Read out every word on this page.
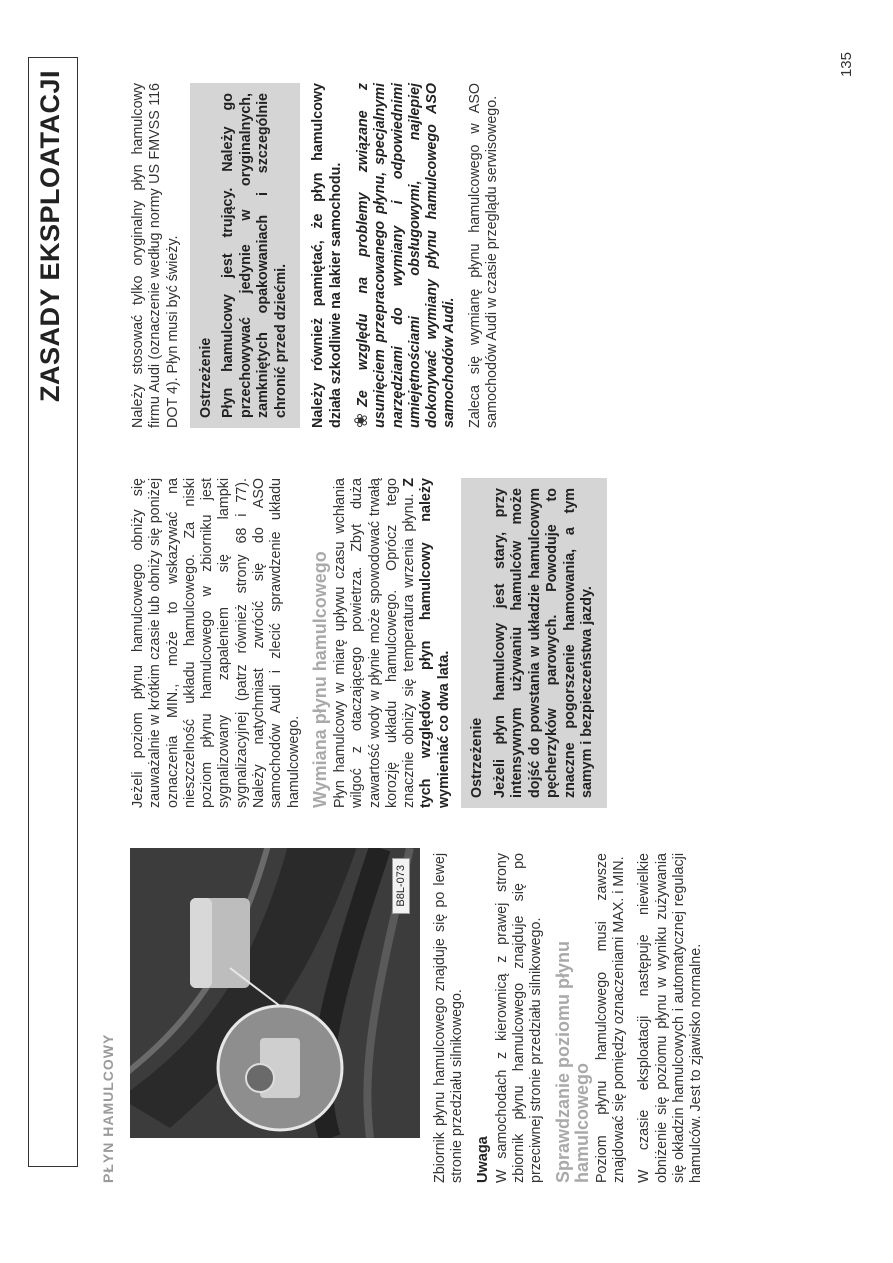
ZASADY EKSPLOATACJI
PŁYN HAMULCOWY
B8L-073 Zbiornik płynu hamulcowego znajduje się po lewej stronie przedziału silnikowego. Uwaga W samochodach z kierownicą z prawej strony zbiornik płynu hamulcowego znajduje się po przeciwnej stronie przedziału silnikowego. Sprawdzanie poziomu płynu hamulcowego Poziom płynu hamulcowego musi zawsze znajdować się pomiędzy oznaczeniami MAX. i MIN. W czasie eksploatacji następuje niewielkie obniżenie się poziomu płynu w wyniku zużywania się okładzin hamulcowych i automatycznej regulacji hamulców. Jest to zjawisko normalne.

Jeżeli poziom płynu hamulcowego obniży się zauważalnie w krótkim czasie lub obniży się poniżej oznaczenia MIN., może to wskazywać na nieszczelność układu hamulcowego. Za niski poziom płynu hamulcowego w zbiorniku jest sygnalizowany zapaleniem się lampki sygnalizacyjnej (patrz również strony 68 i 77). Należy natychmiast zwrócić się do ASO samochodów Audi i zlecić sprawdzenie układu hamulcowego. Wymiana płynu hamulcowego Płyn hamulcowy w miarę upływu czasu wchłania wilgoć z otaczającego powietrza. Zbyt duża zawartość wody w płynie może spowodować trwałą korozję układu hamulcowego. Oprócz tego znacznie obniży się temperatura wrzenia płynu. Z tych względów płyn hamulcowy należy wymieniać co dwa lata. Ostrzeżenie Jeżeli płyn hamulcowy jest stary, przy intensywnym używaniu hamulców może dojść do powstania w układzie hamulcowym pęcherzyków parowych. Powoduje to znaczne pogorszenie hamowania, a tym samym i bezpieczeństwa jazdy.

Należy stosować tylko oryginalny płyn hamulcowy firmu Audi (oznaczenie według normy US FMVSS 116 DOT 4). Płyn musi być świeży. Ostrzeżenie Płyn hamulcowy jest trujący. Należy go przechowywać jedynie w oryginalnych, zamkniętych opakowaniach i szczególnie chronić przed dziećmi. Należy również pamiętać, że płyn hamulcowy działa szkodliwie na lakier samochodu. ❀Ze względu na problemy związane z usunięciem przepracowanego płynu, specjalnymi narzędziami do wymiany i odpowiednimi umiejętnościami obsługowymi, najlepiej dokonywać wymiany płynu hamulcowego ASO samochodów Audi. Zaleca się wymianę płynu hamulcowego w ASO samochodów Audi w czasie przeglądu serwisowego.

135
